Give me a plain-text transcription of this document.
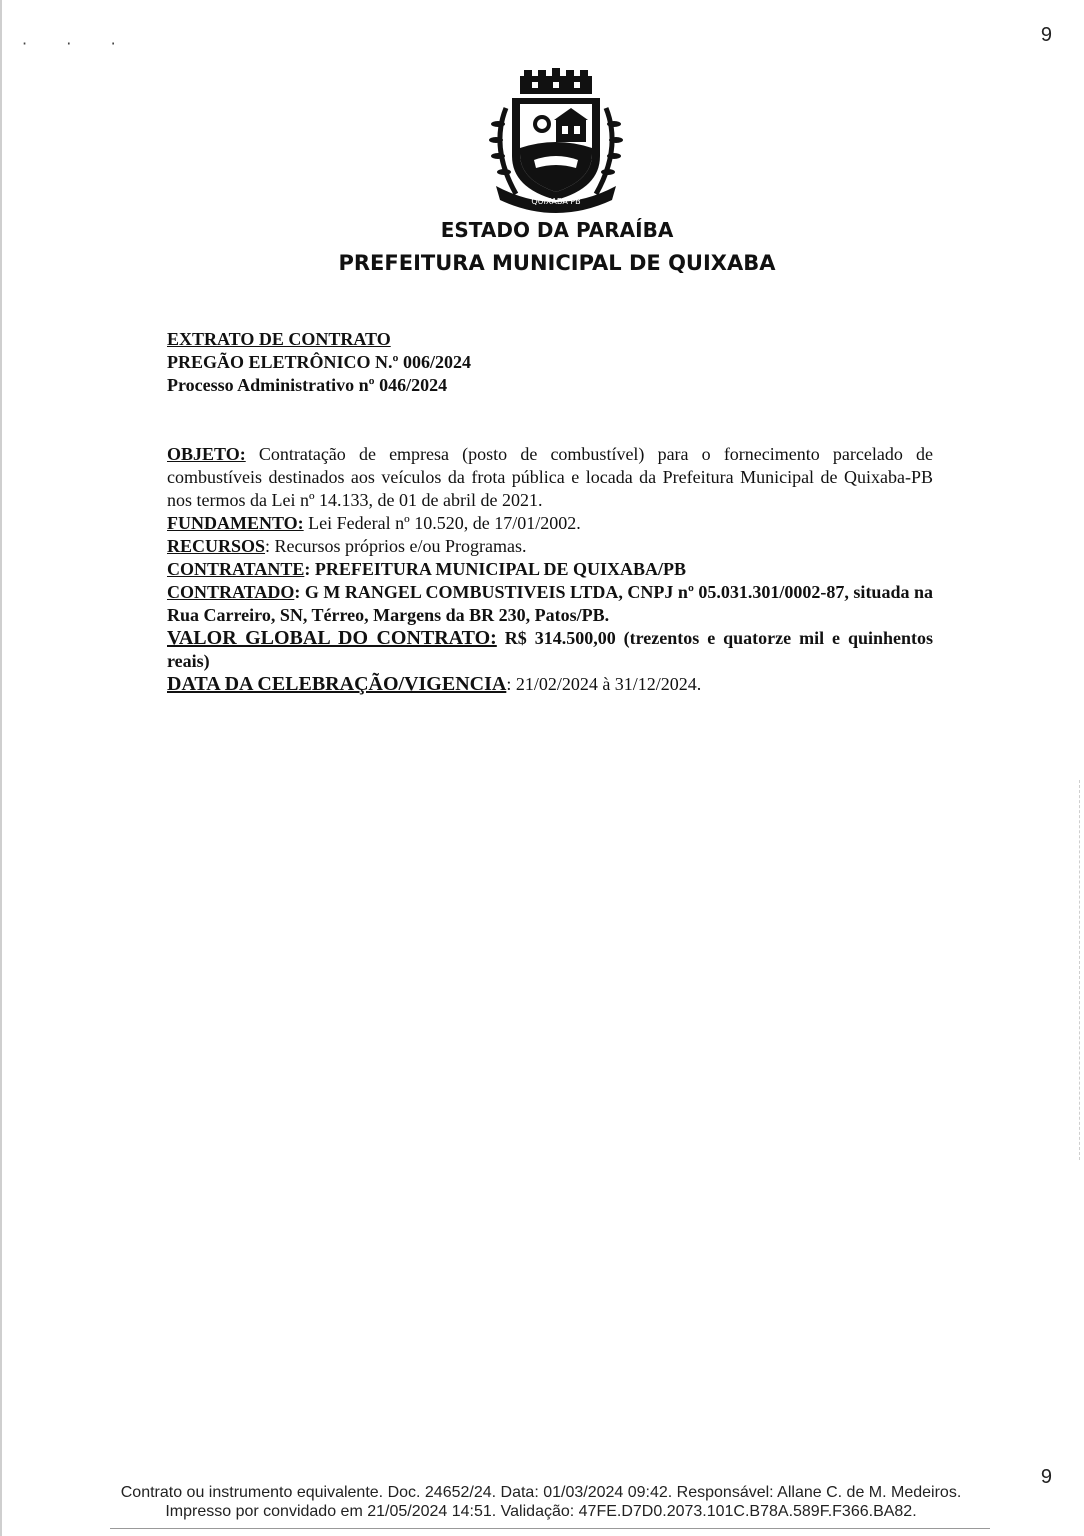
· · ·	9
QUIXABA PB
ESTADO DA PARAÍBA
PREFEITURA MUNICIPAL DE QUIXABA

EXTRATO DE CONTRATO

PREGÃO ELETRÔNICO N.º 006/2024

Processo Administrativo nº 046/2024

OBJETO: Contratação de empresa (posto de combustível) para o fornecimento parcelado de combustíveis destinados aos veículos da frota pública e locada da Prefeitura Municipal de Quixaba-PB nos termos da Lei nº 14.133, de 01 de abril de 2021.

FUNDAMENTO: Lei Federal nº 10.520, de 17/01/2002.

RECURSOS: Recursos próprios e/ou Programas.

CONTRATANTE: PREFEITURA MUNICIPAL DE QUIXABA/PB

CONTRATADO: G M RANGEL COMBUSTIVEIS LTDA, CNPJ nº 05.031.301/0002-87, situada na Rua Carreiro, SN, Térreo, Margens da BR 230, Patos/PB.

VALOR GLOBAL DO CONTRATO: R$ 314.500,00 (trezentos e quatorze mil e quinhentos reais)

DATA DA CELEBRAÇÃO/VIGENCIA: 21/02/2024 à 31/12/2024.

9
Contrato ou instrumento equivalente. Doc. 24652/24. Data: 01/03/2024 09:42. Responsável: Allane C. de M. Medeiros.
Impresso por convidado em 21/05/2024 14:51. Validação: 47FE.D7D0.2073.101C.B78A.589F.F366.BA82.
